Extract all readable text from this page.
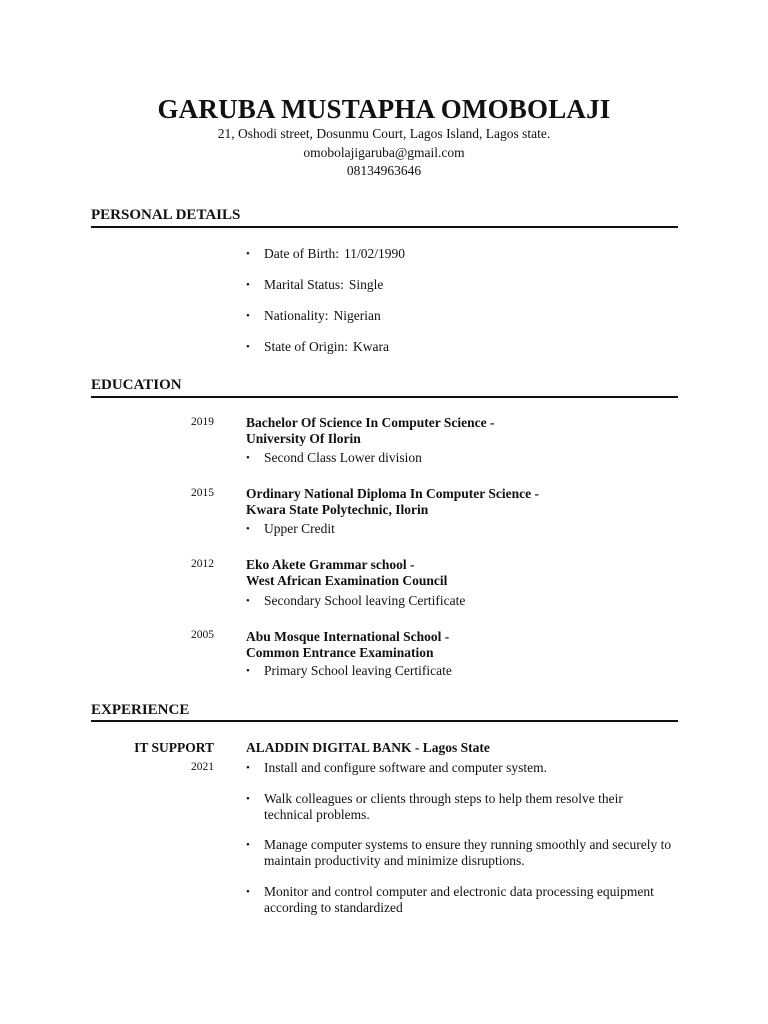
GARUBA MUSTAPHA OMOBOLAJI
21, Oshodi street, Dosunmu Court, Lagos Island, Lagos state.
omobolajigaruba@gmail.com
08134963646
PERSONAL DETAILS
• Date of Birth: 11/02/1990
• Marital Status: Single
• Nationality: Nigerian
• State of Origin: Kwara
EDUCATION
2019 Bachelor Of Science In Computer Science -
University Of Ilorin
• Second Class Lower division
2015 Ordinary National Diploma In Computer Science -
Kwara State Polytechnic, Ilorin
• Upper Credit
2012 Eko Akete Grammar school -
West African Examination Council
• Secondary School leaving Certificate
2005 Abu Mosque International School -
Common Entrance Examination
• Primary School leaving Certificate
EXPERIENCE
IT SUPPORT ALADDIN DIGITAL BANK - Lagos State
2021	• Install and configure software and computer system.
• Walk colleagues or clients through steps to help them resolve their technical problems.
• Manage computer systems to ensure they running smoothly and securely to maintain productivity and minimize disruptions.
• Monitor and control computer and electronic data processing equipment according to standardized
